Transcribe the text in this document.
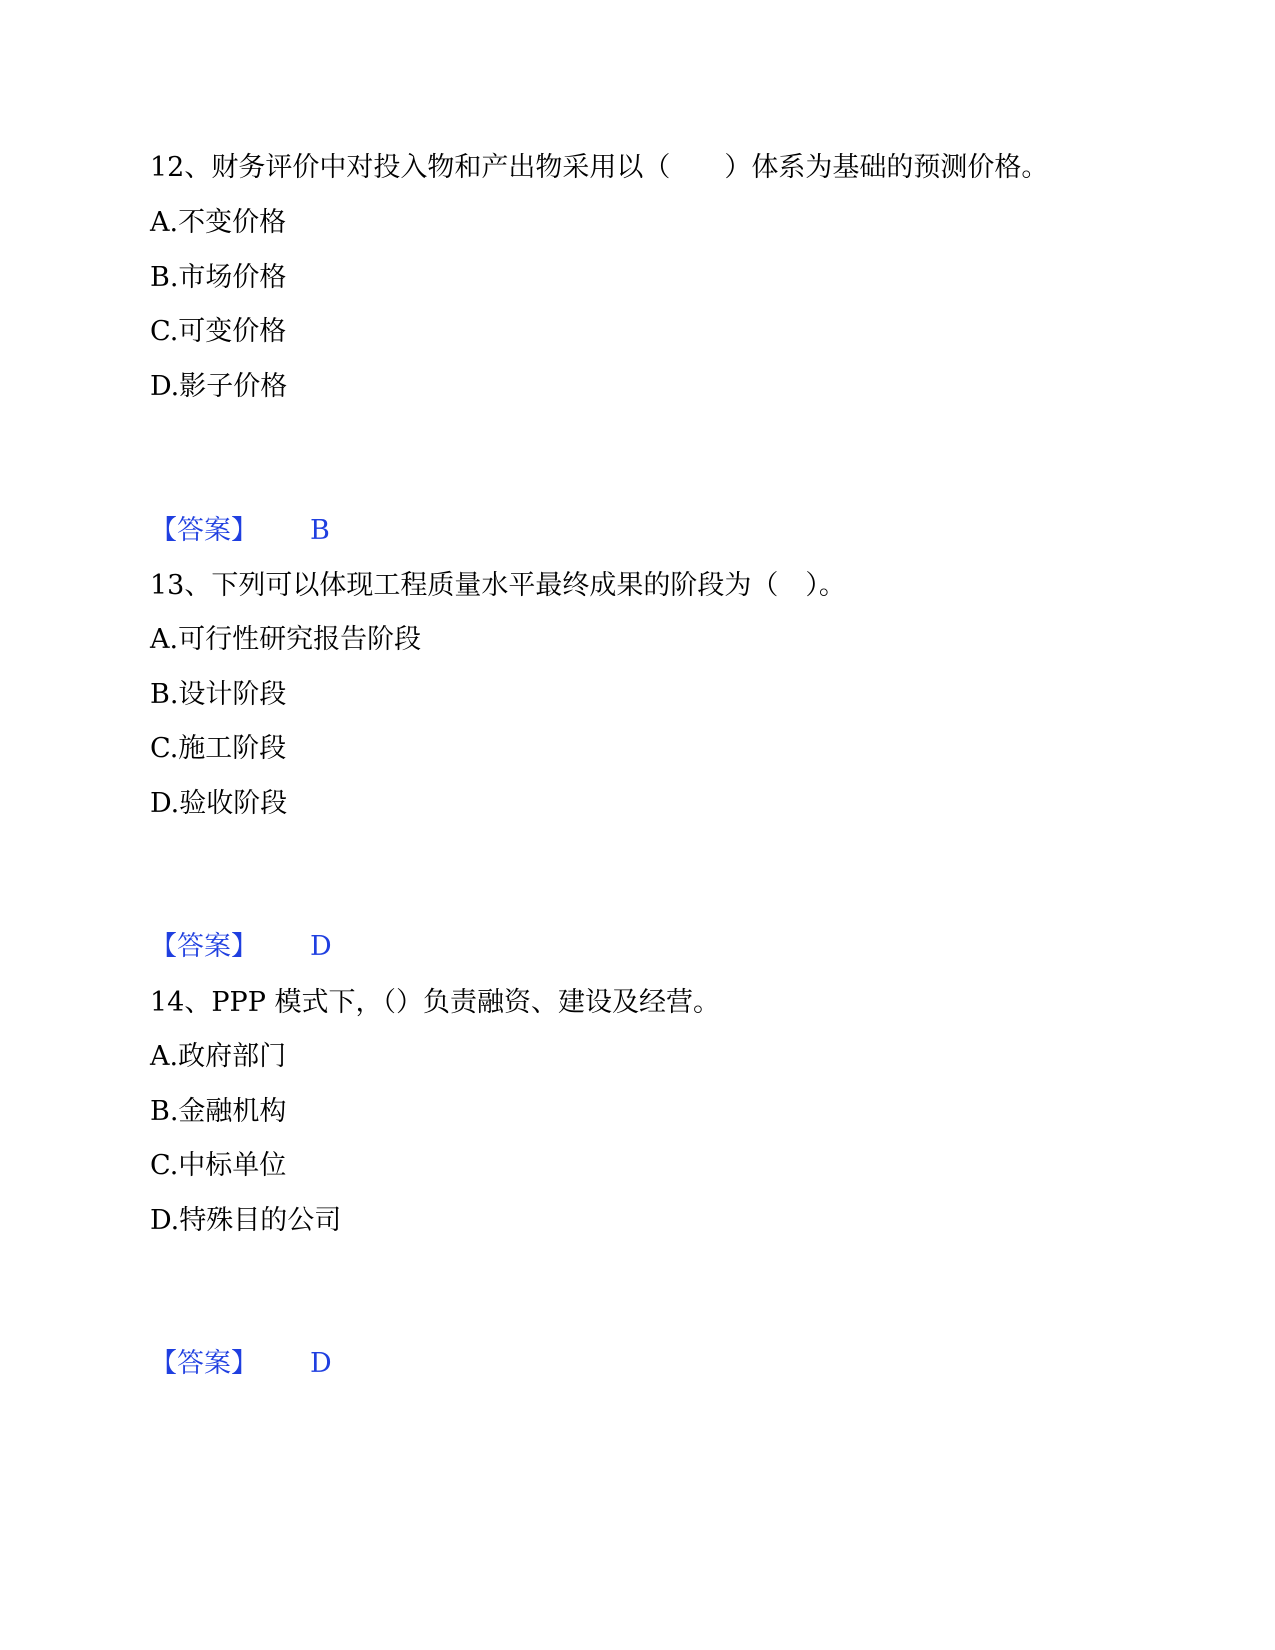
12、财务评价中对投入物和产出物采用以（　　）体系为基础的预测价格。

A.不变价格

B.市场价格

C.可变价格

D.影子价格

【答案】 B

13、下列可以体现工程质量水平最终成果的阶段为（　）。

A.可行性研究报告阶段

B.设计阶段

C.施工阶段

D.验收阶段

【答案】 D

14、PPP 模式下，（）负责融资、建设及经营。

A.政府部门

B.金融机构

C.中标单位

D.特殊目的公司

【答案】 D
